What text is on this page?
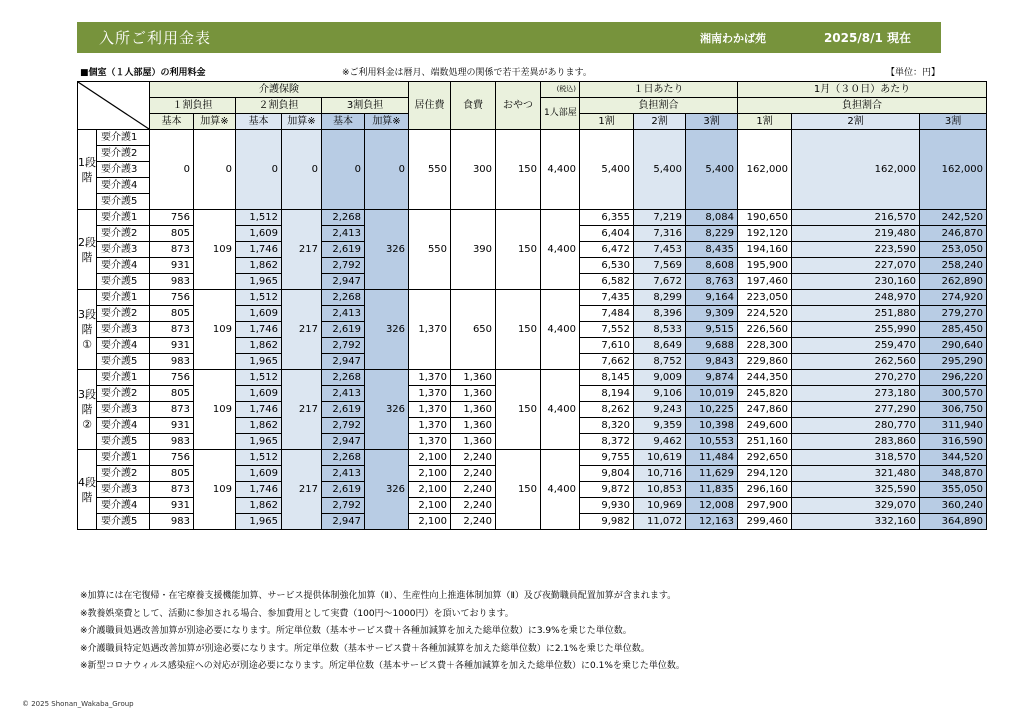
入所ご利用金表	湘南わかば苑	2025/8/1 現在
■個室（１人部屋）の利用料金	※ご利用料金は暦月、端数処理の関係で若干差異があります。	【単位：円】
	介護保険						居住費	食費	おやつ	(税込)	１日あたり			1月（３０日）あたり		
		１割負担		２割負担		3割負担					1人部屋	負担割合			負担割合		
		基本	加算※	基本	加算※	基本	加算※					1割	2割	3割	1割	2割	3割
1段階	要介護1	0	0	0	0	0	0	550	300	150	4,400	5,400	5,400	5,400	162,000	162,000	162,000
	要介護2																
	要介護3																
	要介護4																
	要介護5																
2段階	要介護1	756	109	1,512	217	2,268	326	550	390	150	4,400	6,355	7,219	8,084	190,650	216,570	242,520
	要介護2	805		1,609		2,413						6,404	7,316	8,229	192,120	219,480	246,870
	要介護3	873		1,746		2,619						6,472	7,453	8,435	194,160	223,590	253,050
	要介護4	931		1,862		2,792						6,530	7,569	8,608	195,900	227,070	258,240
	要介護5	983		1,965		2,947						6,582	7,672	8,763	197,460	230,160	262,890
3段階①	要介護1	756	109	1,512	217	2,268	326	1,370	650	150	4,400	7,435	8,299	9,164	223,050	248,970	274,920
	要介護2	805		1,609		2,413						7,484	8,396	9,309	224,520	251,880	279,270
	要介護3	873		1,746		2,619						7,552	8,533	9,515	226,560	255,990	285,450
	要介護4	931		1,862		2,792						7,610	8,649	9,688	228,300	259,470	290,640
	要介護5	983		1,965		2,947						7,662	8,752	9,843	229,860	262,560	295,290
3段階②	要介護1	756	109	1,512	217	2,268	326	1,370	1,360	150	4,400	8,145	9,009	9,874	244,350	270,270	296,220
	要介護2	805		1,609		2,413		1,370	1,360			8,194	9,106	10,019	245,820	273,180	300,570
	要介護3	873		1,746		2,619		1,370	1,360			8,262	9,243	10,225	247,860	277,290	306,750
	要介護4	931		1,862		2,792		1,370	1,360			8,320	9,359	10,398	249,600	280,770	311,940
	要介護5	983		1,965		2,947		1,370	1,360			8,372	9,462	10,553	251,160	283,860	316,590
4段階	要介護1	756	109	1,512	217	2,268	326	2,100	2,240	150	4,400	9,755	10,619	11,484	292,650	318,570	344,520
	要介護2	805		1,609		2,413		2,100	2,240			9,804	10,716	11,629	294,120	321,480	348,870
	要介護3	873		1,746		2,619		2,100	2,240			9,872	10,853	11,835	296,160	325,590	355,050
	要介護4	931		1,862		2,792		2,100	2,240			9,930	10,969	12,008	297,900	329,070	360,240
	要介護5	983		1,965		2,947		2,100	2,240			9,982	11,072	12,163	299,460	332,160	364,890
※加算には在宅復帰・在宅療養支援機能加算、サービス提供体制強化加算（Ⅱ）、生産性向上推進体制加算（Ⅱ）及び夜勤職員配置加算が含まれます。
※教養娯楽費として、活動に参加される場合、参加費用として実費（100円〜1000円）を頂いております。
※介護職員処遇改善加算が別途必要になります。所定単位数（基本サービス費＋各種加減算を加えた総単位数）に3.9%を乗じた単位数。
※介護職員特定処遇改善加算が別途必要になります。所定単位数（基本サービス費＋各種加減算を加えた総単位数）に2.1%を乗じた単位数。
※新型コロナウィルス感染症への対応が別途必要になります。所定単位数（基本サービス費＋各種加減算を加えた総単位数）に0.1%を乗じた単位数。
© 2025 Shonan_Wakaba_Group
